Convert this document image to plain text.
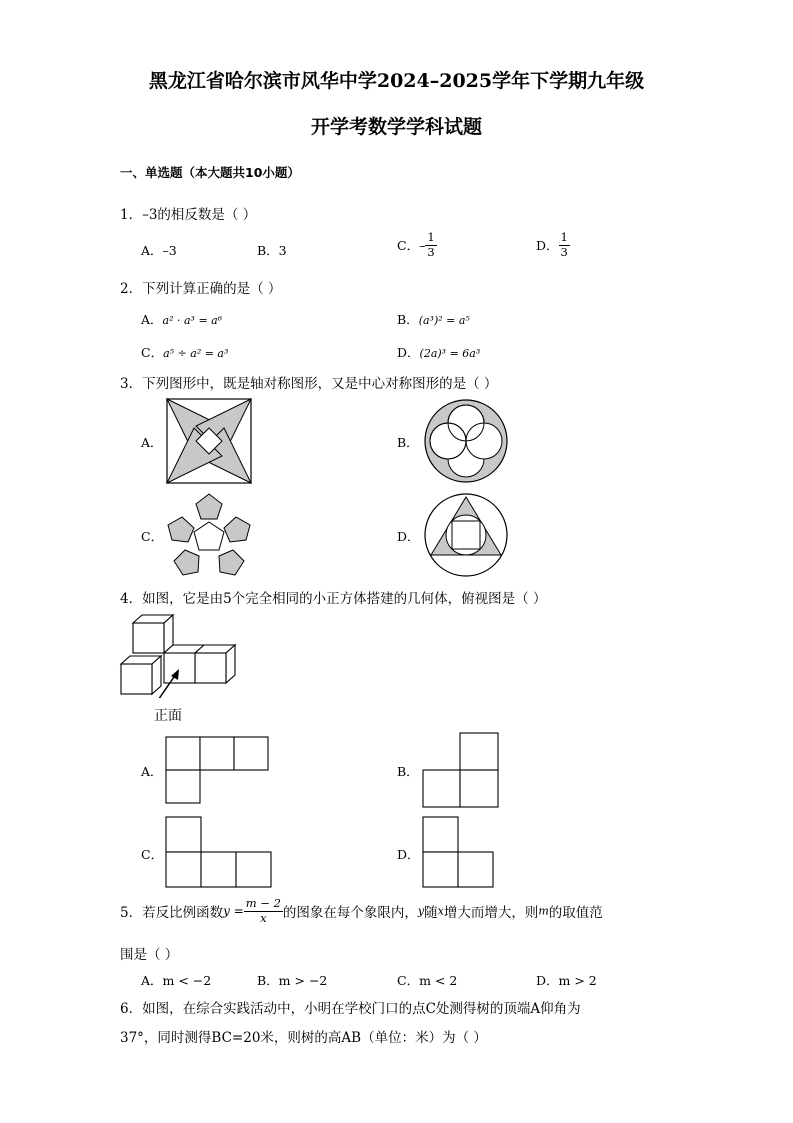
黑龙江省哈尔滨市风华中学2024–2025学年下学期九年级
开学考数学学科试题
一、单选题（本大题共10小题）
1．–3的相反数是（ ）
A．–3	B．3	C．– $\frac{1}{3}$	D． $\frac{1}{3}$
2．下列计算正确的是（ ）
A．a² · a³ = a⁶	B．(a³)² = a⁵
C．a⁵ ÷ a² = a³	D．(2a)³ = 6a³
3．下列图形中，既是轴对称图形，又是中心对称图形的是（ ）
A．	B．
C．	D．
4．如图，它是由5个完全相同的小正方体搭建的几何体，俯视图是（ ）
正面
A．	B．
C．	D．
5．若反比例函数$y = \frac{m - 2}{x}$ 的图象在每个象限内，y随x增大而增大，则m的取值范
围是（ ）
A．m < −2	B．m > −2	C．m < 2	D．m > 2
6．如图，在综合实践活动中，小明在学校门口的点C处测得树的顶端A仰角为
37°，同时测得BC=20米，则树的高AB（单位：米）为（ ）
